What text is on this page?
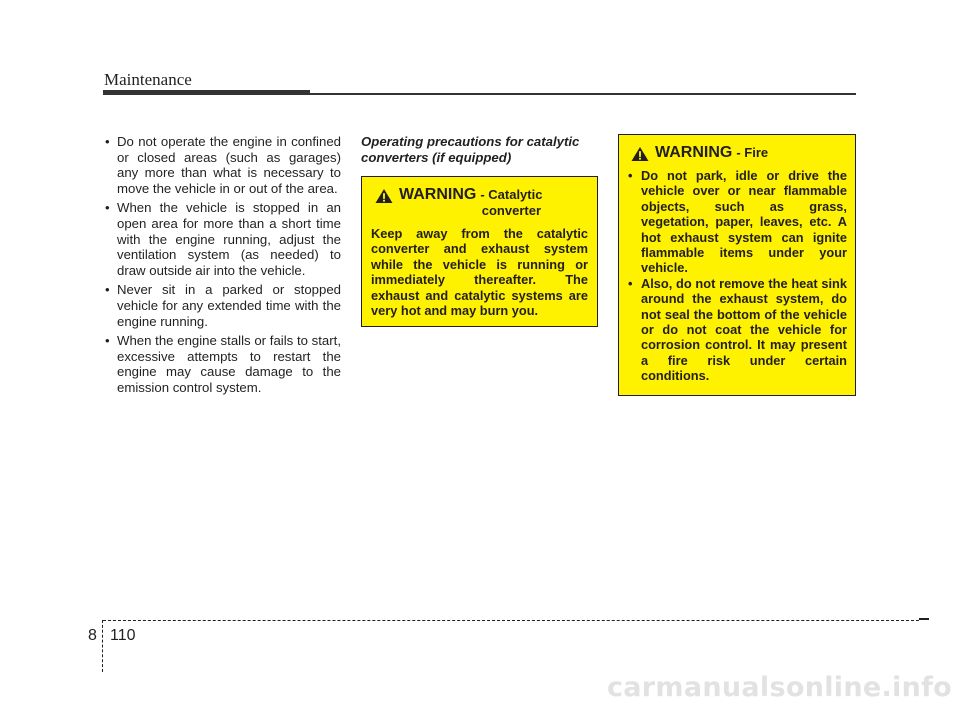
Maintenance
• Do not operate the engine in confined or closed areas (such as garages) any more than what is necessary to move the vehicle in or out of the area.
• When the vehicle is stopped in an open area for more than a short time with the engine running, adjust the ventilation system (as needed) to draw outside air into the vehicle.
• Never sit in a parked or stopped vehicle for any extended time with the engine running.
• When the engine stalls or fails to start, excessive attempts to restart the engine may cause damage to the emission control system.
Operating precautions for catalytic converters (if equipped)
WARNING - Catalytic
converter

Keep away from the catalytic converter and exhaust system while the vehicle is running or immediately thereafter. The exhaust and catalytic systems are very hot and may burn you.

WARNING - Fire
• Do not park, idle or drive the vehicle over or near flammable objects, such as grass, vegetation, paper, leaves, etc. A hot exhaust system can ignite flammable items under your vehicle.
• Also, do not remove the heat sink around the exhaust system, do not seal the bottom of the vehicle or do not coat the vehicle for corrosion control. It may present a fire risk under certain conditions.
8 110
carmanualsonline.info
